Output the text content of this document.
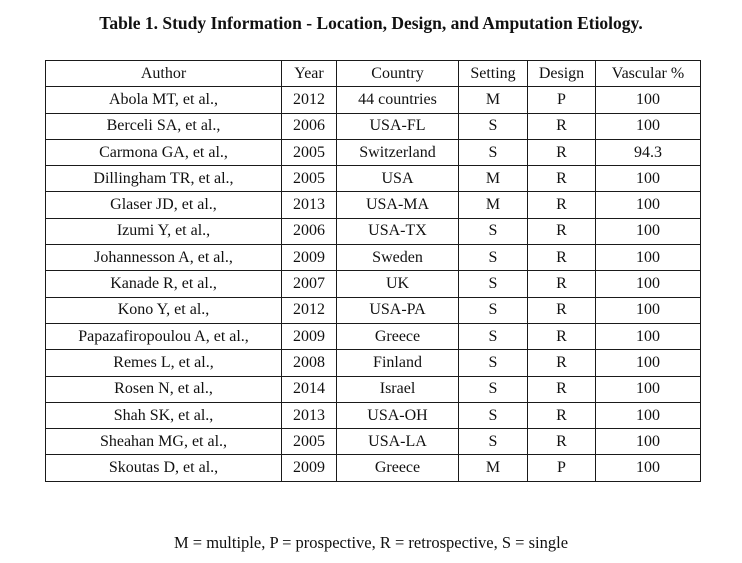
Table 1. Study Information - Location, Design, and Amputation Etiology.
Author	Year	Country	Setting	Design	Vascular %
Abola MT, et al.,	2012	44 countries	M	P	100
Berceli SA, et al.,	2006	USA-FL	S	R	100
Carmona GA, et al.,	2005	Switzerland	S	R	94.3
Dillingham TR, et al.,	2005	USA	M	R	100
Glaser JD, et al.,	2013	USA-MA	M	R	100
Izumi Y, et al.,	2006	USA-TX	S	R	100
Johannesson A, et al.,	2009	Sweden	S	R	100
Kanade R, et al.,	2007	UK	S	R	100
Kono Y, et al.,	2012	USA-PA	S	R	100
Papazafiropoulou A, et al.,	2009	Greece	S	R	100
Remes L, et al.,	2008	Finland	S	R	100
Rosen N, et al.,	2014	Israel	S	R	100
Shah SK, et al.,	2013	USA-OH	S	R	100
Sheahan MG, et al.,	2005	USA-LA	S	R	100
Skoutas D, et al.,	2009	Greece	M	P	100
M = multiple, P = prospective, R = retrospective, S = single
